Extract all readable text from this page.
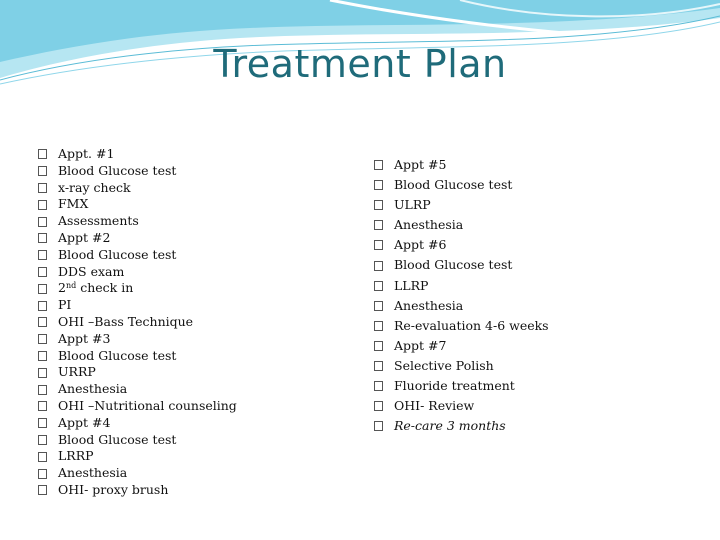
Treatment Plan
Appt. #1
Blood Glucose test
x-ray check
FMX
Assessments
Appt #2
Blood Glucose test
DDS exam
2nd check in
PI
OHI –Bass Technique
Appt #3
Blood Glucose test
URRP
Anesthesia
OHI –Nutritional counseling
Appt #4
Blood Glucose test
LRRP
Anesthesia
OHI- proxy brush
Appt #5
Blood Glucose test
ULRP
Anesthesia
Appt #6
Blood Glucose test
LLRP
Anesthesia
Re-evaluation 4-6 weeks
Appt #7
Selective Polish
Fluoride treatment
OHI- Review
Re-care 3 months
